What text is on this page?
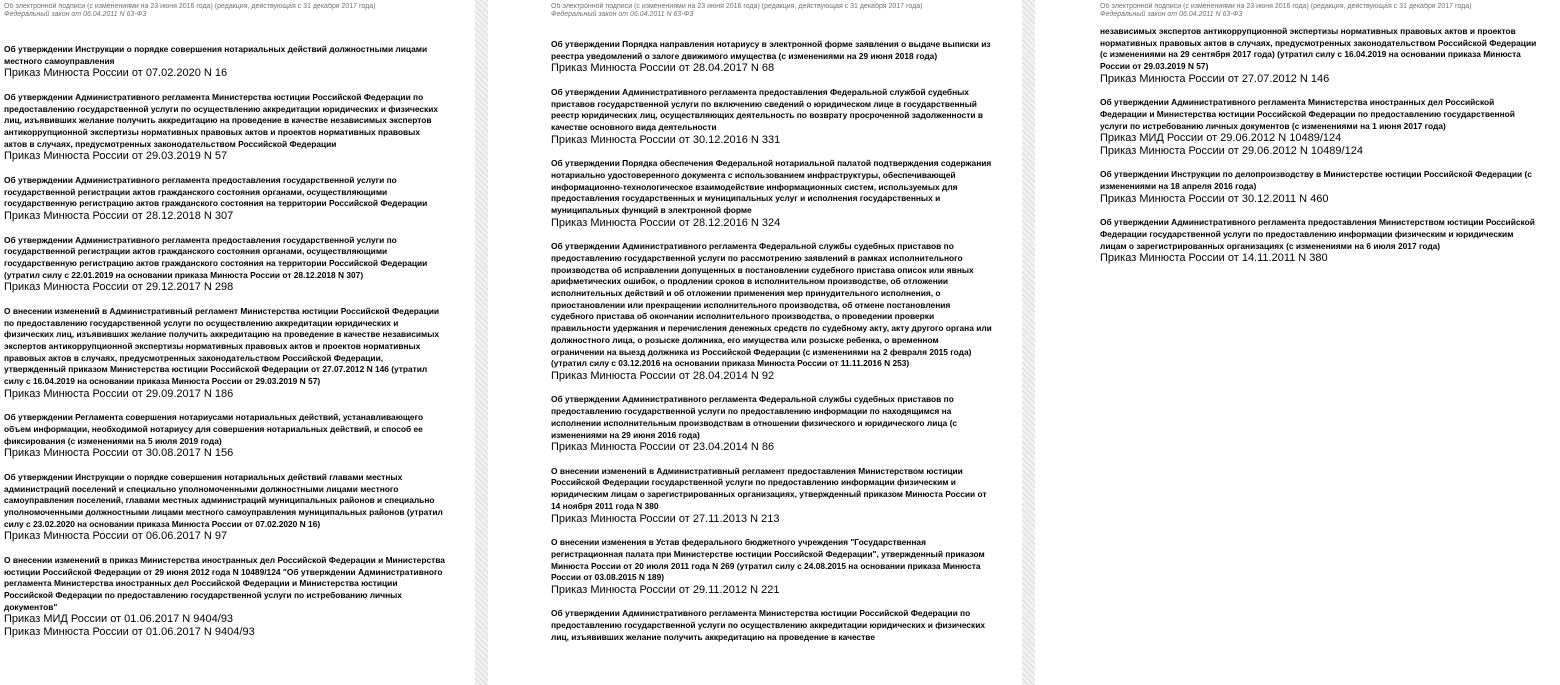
Об электронной подписи (с изменениями на 23 июня 2016 года) (редакция, действующая с 31 декабря 2017 года)
Федеральный закон от 06.04.2011 N 63-ФЗ

Об утверждении Инструкции о порядке совершения нотариальных действий должностными лицами местного самоуправления

Приказ Минюста России от 07.02.2020 N 16

Об утверждении Административного регламента Министерства юстиции Российской Федерации по предоставлению государственной услуги по осуществлению аккредитации юридических и физических лиц, изъявивших желание получить аккредитацию на проведение в качестве независимых экспертов антикоррупционной экспертизы нормативных правовых актов и проектов нормативных правовых актов в случаях, предусмотренных законодательством Российской Федерации

Приказ Минюста России от 29.03.2019 N 57

Об утверждении Административного регламента предоставления государственной услуги по государственной регистрации актов гражданского состояния органами, осуществляющими государственную регистрацию актов гражданского состояния на территории Российской Федерации

Приказ Минюста России от 28.12.2018 N 307

Об утверждении Административного регламента предоставления государственной услуги по государственной регистрации актов гражданского состояния органами, осуществляющими государственную регистрацию актов гражданского состояния на территории Российской Федерации (утратил силу с 22.01.2019 на основании приказа Минюста России от 28.12.2018 N 307)

Приказ Минюста России от 29.12.2017 N 298

О внесении изменений в Административный регламент Министерства юстиции Российской Федерации по предоставлению государственной услуги по осуществлению аккредитации юридических и физических лиц, изъявивших желание получить аккредитацию на проведение в качестве независимых экспертов антикоррупционной экспертизы нормативных правовых актов и проектов нормативных правовых актов в случаях, предусмотренных законодательством Российской Федерации, утвержденный приказом Министерства юстиции Российской Федерации от 27.07.2012 N 146 (утратил силу с 16.04.2019 на основании приказа Минюста России от 29.03.2019 N 57)

Приказ Минюста России от 29.09.2017 N 186

Об утверждении Регламента совершения нотариусами нотариальных действий, устанавливающего объем информации, необходимой нотариусу для совершения нотариальных действий, и способ ее фиксирования (с изменениями на 5 июля 2019 года)

Приказ Минюста России от 30.08.2017 N 156

Об утверждении Инструкции о порядке совершения нотариальных действий главами местных администраций поселений и специально уполномоченными должностными лицами местного самоуправления поселений, главами местных администраций муниципальных районов и специально уполномоченными должностными лицами местного самоуправления муниципальных районов (утратил силу с 23.02.2020 на основании приказа Минюста России от 07.02.2020 N 16)

Приказ Минюста России от 06.06.2017 N 97

О внесении изменений в приказ Министерства иностранных дел Российской Федерации и Министерства юстиции Российской Федерации от 29 июня 2012 года N 10489/124 "Об утверждении Административного регламента Министерства иностранных дел Российской Федерации и Министерства юстиции Российской Федерации по предоставлению государственной услуги по истребованию личных документов"

Приказ МИД России от 01.06.2017 N 9404/93

Приказ Минюста России от 01.06.2017 N 9404/93

Об электронной подписи (с изменениями на 23 июня 2016 года) (редакция, действующая с 31 декабря 2017 года)
Федеральный закон от 06.04.2011 N 63-ФЗ

Об утверждении Порядка направления нотариусу в электронной форме заявления о выдаче выписки из реестра уведомлений о залоге движимого имущества (с изменениями на 29 июня 2018 года)

Приказ Минюста России от 28.04.2017 N 68

Об утверждении Административного регламента предоставления Федеральной службой судебных приставов государственной услуги по включению сведений о юридическом лице в государственный реестр юридических лиц, осуществляющих деятельность по возврату просроченной задолженности в качестве основного вида деятельности

Приказ Минюста России от 30.12.2016 N 331

Об утверждении Порядка обеспечения Федеральной нотариальной палатой подтверждения содержания нотариально удостоверенного документа с использованием инфраструктуры, обеспечивающей информационно-технологическое взаимодействие информационных систем, используемых для предоставления государственных и муниципальных услуг и исполнения государственных и муниципальных функций в электронной форме

Приказ Минюста России от 28.12.2016 N 324

Об утверждении Административного регламента Федеральной службы судебных приставов по предоставлению государственной услуги по рассмотрению заявлений в рамках исполнительного производства об исправлении допущенных в постановлении судебного пристава описок или явных арифметических ошибок, о продлении сроков в исполнительном производстве, об отложении исполнительных действий и об отложении применения мер принудительного исполнения, о приостановлении или прекращении исполнительного производства, об отмене постановления судебного пристава об окончании исполнительного производства, о проведении проверки правильности удержания и перечисления денежных средств по судебному акту, акту другого органа или должностного лица, о розыске должника, его имущества или розыске ребенка, о временном ограничении на выезд должника из Российской Федерации (с изменениями на 2 февраля 2015 года) (утратил силу с 03.12.2016 на основании приказа Минюста России от 11.11.2016 N 253)

Приказ Минюста России от 28.04.2014 N 92

Об утверждении Административного регламента Федеральной службы судебных приставов по предоставлению государственной услуги по предоставлению информации по находящимся на исполнении исполнительным производствам в отношении физического и юридического лица (с изменениями на 29 июня 2016 года)

Приказ Минюста России от 23.04.2014 N 86

О внесении изменений в Административный регламент предоставления Министерством юстиции Российской Федерации государственной услуги по предоставлению информации физическим и юридическим лицам о зарегистрированных организациях, утвержденный приказом Минюста России от 14 ноября 2011 года N 380

Приказ Минюста России от 27.11.2013 N 213

О внесении изменения в Устав федерального бюджетного учреждения "Государственная регистрационная палата при Министерстве юстиции Российской Федерации", утвержденный приказом Минюста России от 20 июля 2011 года N 269 (утратил силу с 24.08.2015 на основании приказа Минюста России от 03.08.2015 N 189)

Приказ Минюста России от 29.11.2012 N 221

Об утверждении Административного регламента Министерства юстиции Российской Федерации по предоставлению государственной услуги по осуществлению аккредитации юридических и физических лиц, изъявивших желание получить аккредитацию на проведение в качестве

Об электронной подписи (с изменениями на 23 июня 2016 года) (редакция, действующая с 31 декабря 2017 года)
Федеральный закон от 06.04.2011 N 63-ФЗ

независимых экспертов антикоррупционной экспертизы нормативных правовых актов и проектов нормативных правовых актов в случаях, предусмотренных законодательством Российской Федерации (с изменениями на 29 сентября 2017 года) (утратил силу с 16.04.2019 на основании приказа Минюста России от 29.03.2019 N 57)

Приказ Минюста России от 27.07.2012 N 146

Об утверждении Административного регламента Министерства иностранных дел Российской Федерации и Министерства юстиции Российской Федерации по предоставлению государственной услуги по истребованию личных документов (с изменениями на 1 июня 2017 года)

Приказ МИД России от 29.06.2012 N 10489/124

Приказ Минюста России от 29.06.2012 N 10489/124

Об утверждении Инструкции по делопроизводству в Министерстве юстиции Российской Федерации (с изменениями на 18 апреля 2016 года)

Приказ Минюста России от 30.12.2011 N 460

Об утверждении Административного регламента предоставления Министерством юстиции Российской Федерации государственной услуги по предоставлению информации физическим и юридическим лицам о зарегистрированных организациях (с изменениями на 6 июля 2017 года)

Приказ Минюста России от 14.11.2011 N 380
